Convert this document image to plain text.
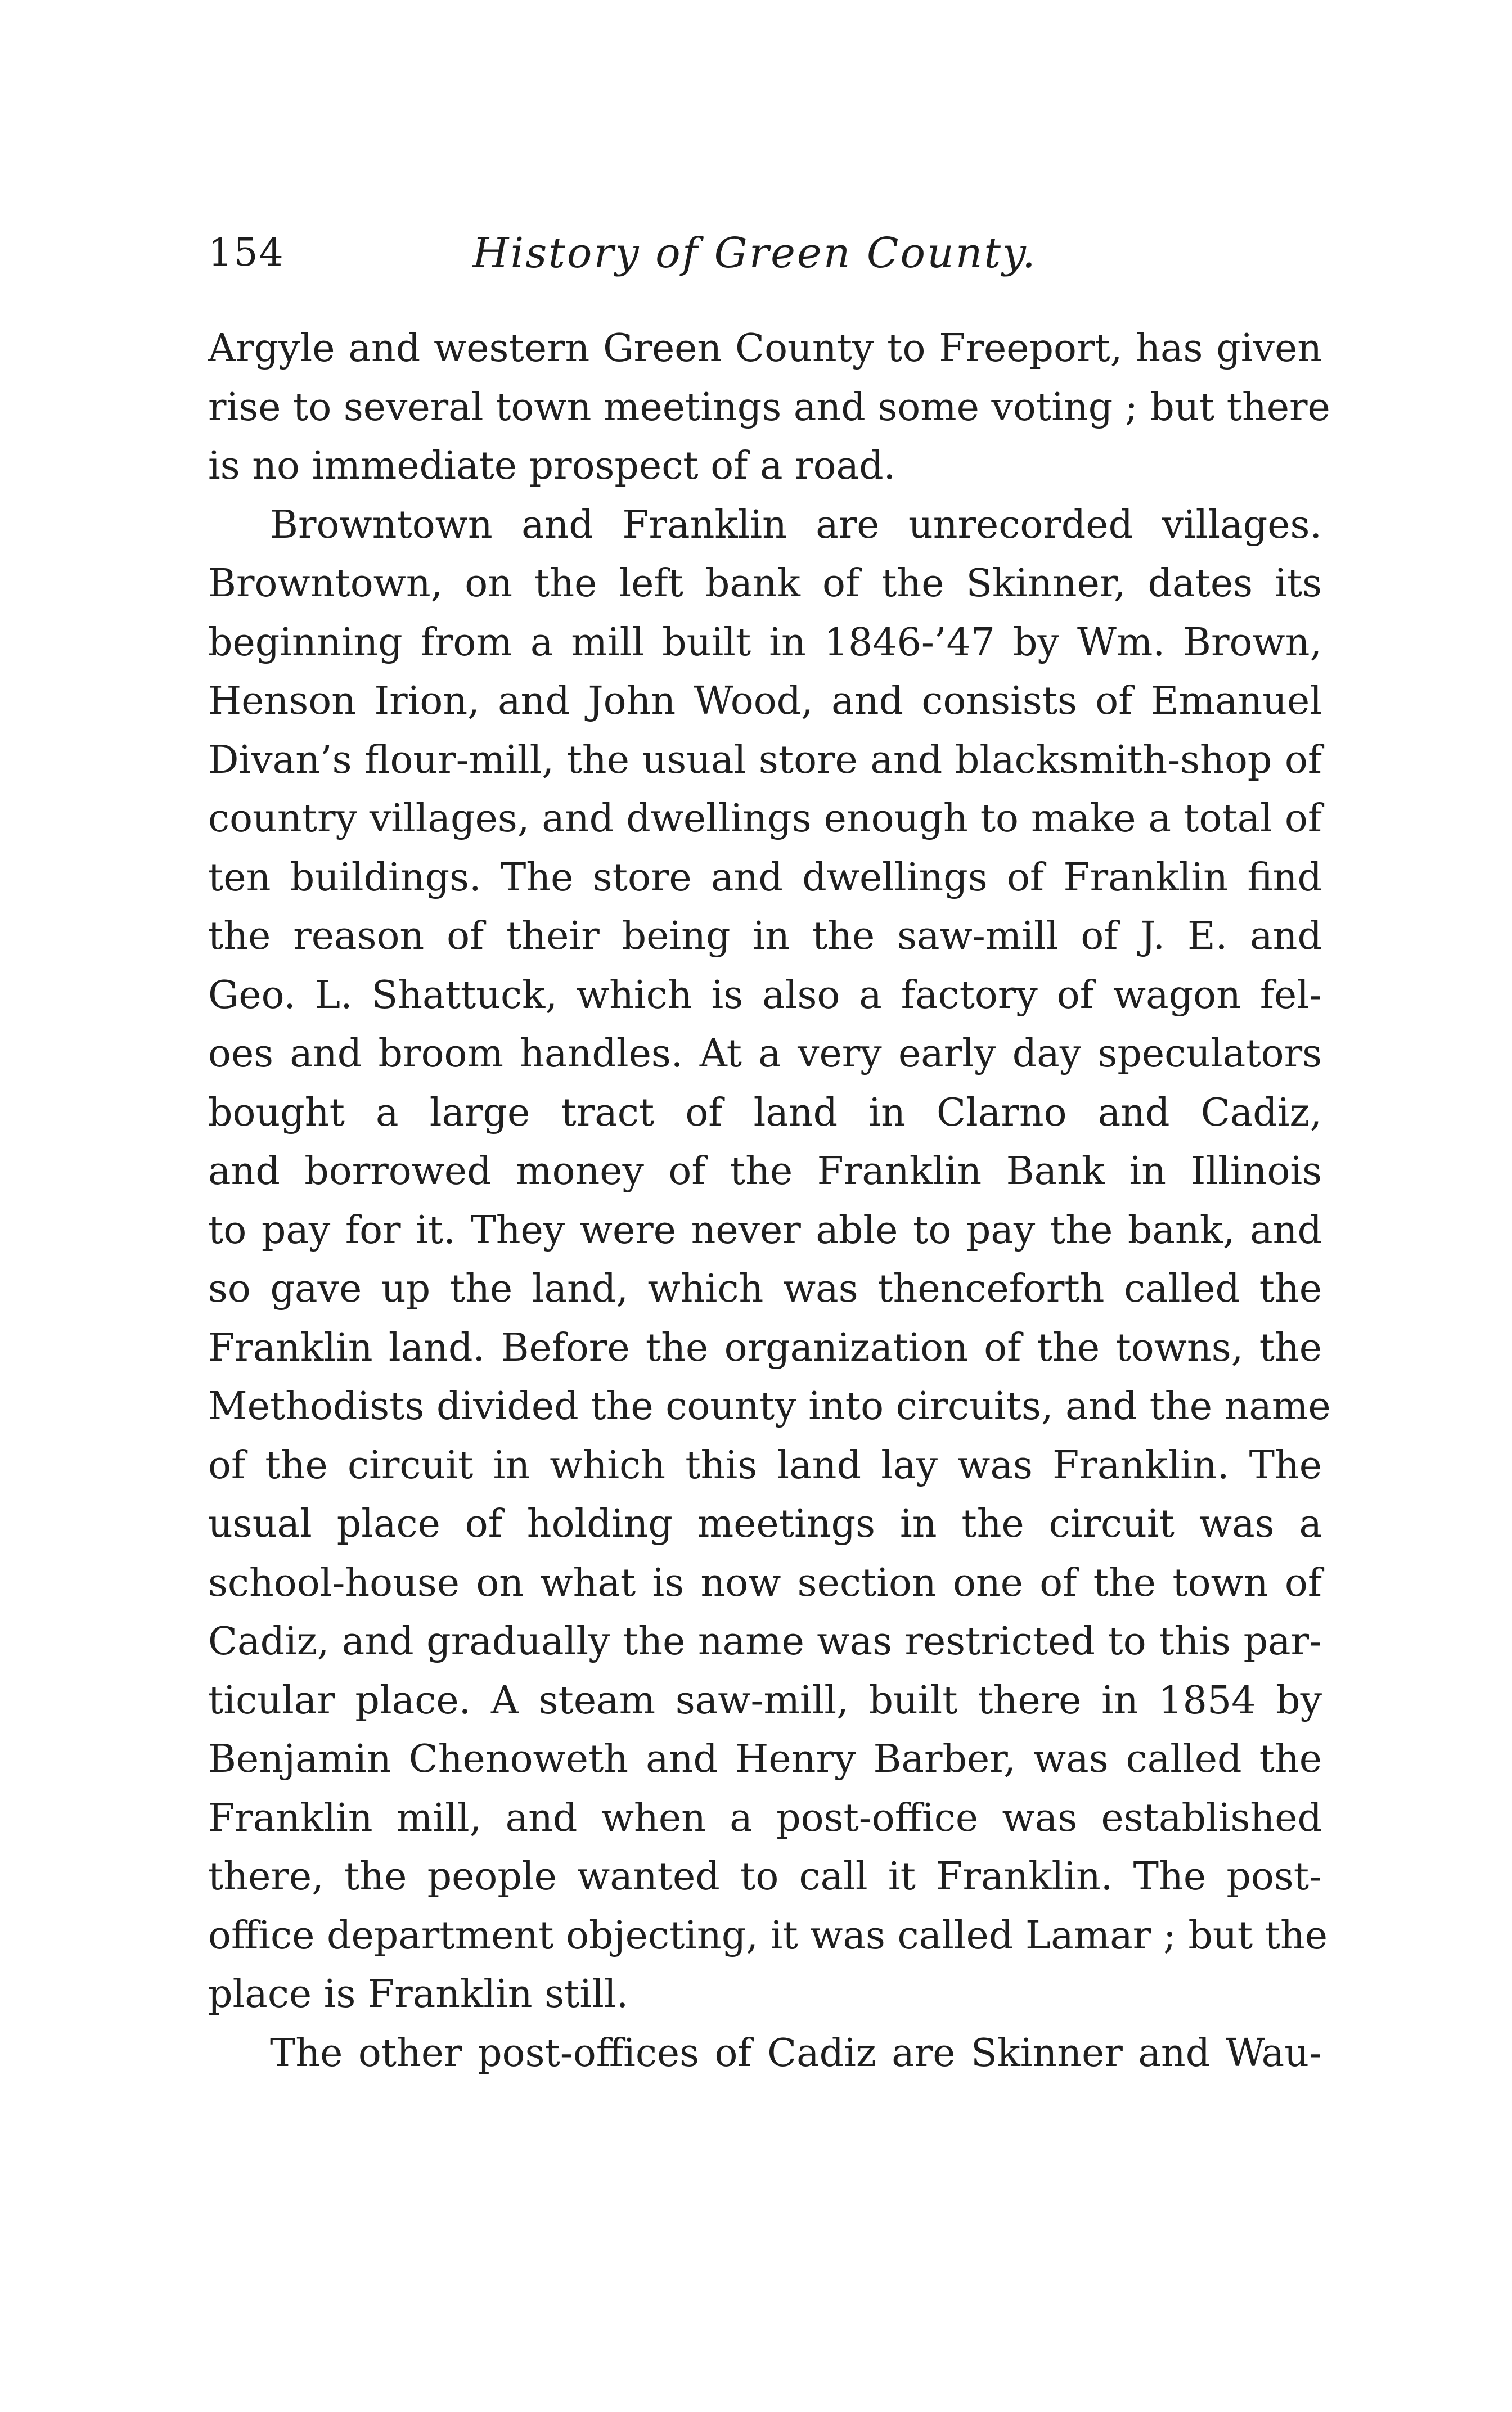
154	History of Green County.
Argyle and western Green County to Freeport, has given
rise to several town meetings and some voting ; but there
is no immediate prospect of a road.
Browntown and Franklin are unrecorded villages.
Browntown, on the left bank of the Skinner, dates its
beginning from a mill built in 1846-’47 by Wm. Brown,
Henson Irion, and John Wood, and consists of Emanuel
Divan’s flour-mill, the usual store and blacksmith-shop of
country villages, and dwellings enough to make a total of
ten buildings. The store and dwellings of Franklin find
the reason of their being in the saw-mill of J. E. and
Geo. L. Shattuck, which is also a factory of wagon fel-
oes and broom handles. At a very early day speculators
bought a large tract of land in Clarno and Cadiz,
and borrowed money of the Franklin Bank in Illinois
to pay for it. They were never able to pay the bank, and
so gave up the land, which was thenceforth called the
Franklin land. Before the organization of the towns, the
Methodists divided the county into circuits, and the name
of the circuit in which this land lay was Franklin. The
usual place of holding meetings in the circuit was a
school-house on what is now section one of the town of
Cadiz, and gradually the name was restricted to this par-
ticular place. A steam saw-mill, built there in 1854 by
Benjamin Chenoweth and Henry Barber, was called the
Franklin mill, and when a post-office was established
there, the people wanted to call it Franklin. The post-
office department objecting, it was called Lamar ; but the
place is Franklin still.
The other post-offices of Cadiz are Skinner and Wau-
